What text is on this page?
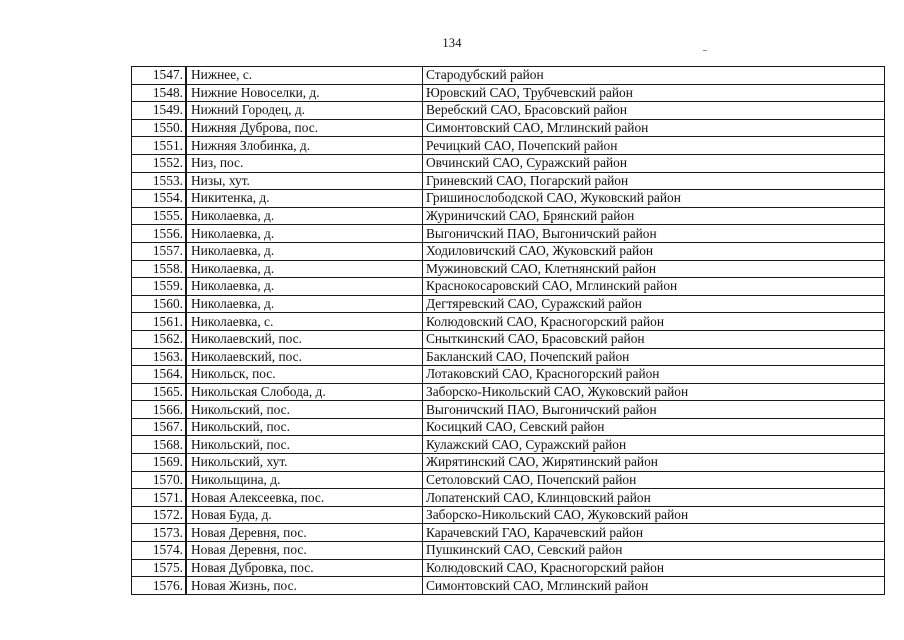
134
1547.	Нижнее, с.	Стародубский район
1548.	Нижние Новоселки, д.	Юровский САО, Трубчевский район
1549.	Нижний Городец, д.	Веребский САО, Брасовский район
1550.	Нижняя Дуброва, пос.	Симонтовский САО, Мглинский район
1551.	Нижняя Злобинка, д.	Речицкий САО, Почепский район
1552.	Низ, пос.	Овчинский САО, Суражский район
1553.	Низы, хут.	Гриневский САО, Погарский район
1554.	Никитенка, д.	Гришинослободской САО, Жуковский район
1555.	Николаевка, д.	Журиничский САО, Брянский район
1556.	Николаевка, д.	Выгоничский ПАО, Выгоничский район
1557.	Николаевка, д.	Ходиловичский САО, Жуковский район
1558.	Николаевка, д.	Мужиновский САО, Клетнянский район
1559.	Николаевка, д.	Краснокосаровский САО, Мглинский район
1560.	Николаевка, д.	Дегтяревский САО, Суражский район
1561.	Николаевка, с.	Колюдовский САО, Красногорский район
1562.	Николаевский, пос.	Сныткинский САО, Брасовский район
1563.	Николаевский, пос.	Бакланский САО, Почепский район
1564.	Никольск, пос.	Лотаковский САО, Красногорский район
1565.	Никольская Слобода, д.	Заборско-Никольский САО, Жуковский район
1566.	Никольский, пос.	Выгоничский ПАО, Выгоничский район
1567.	Никольский, пос.	Косицкий САО, Севский район
1568.	Никольский, пос.	Кулажский САО, Суражский район
1569.	Никольский, хут.	Жирятинский САО, Жирятинский район
1570.	Никольщина, д.	Сетоловский САО, Почепский район
1571.	Новая Алексеевка, пос.	Лопатенский САО, Клинцовский район
1572.	Новая Буда, д.	Заборско-Никольский САО, Жуковский район
1573.	Новая Деревня, пос.	Карачевский ГАО, Карачевский район
1574.	Новая Деревня, пос.	Пушкинский САО, Севский район
1575.	Новая Дубровка, пос.	Колюдовский САО, Красногорский район
1576.	Новая Жизнь, пос.	Симонтовский САО, Мглинский район
